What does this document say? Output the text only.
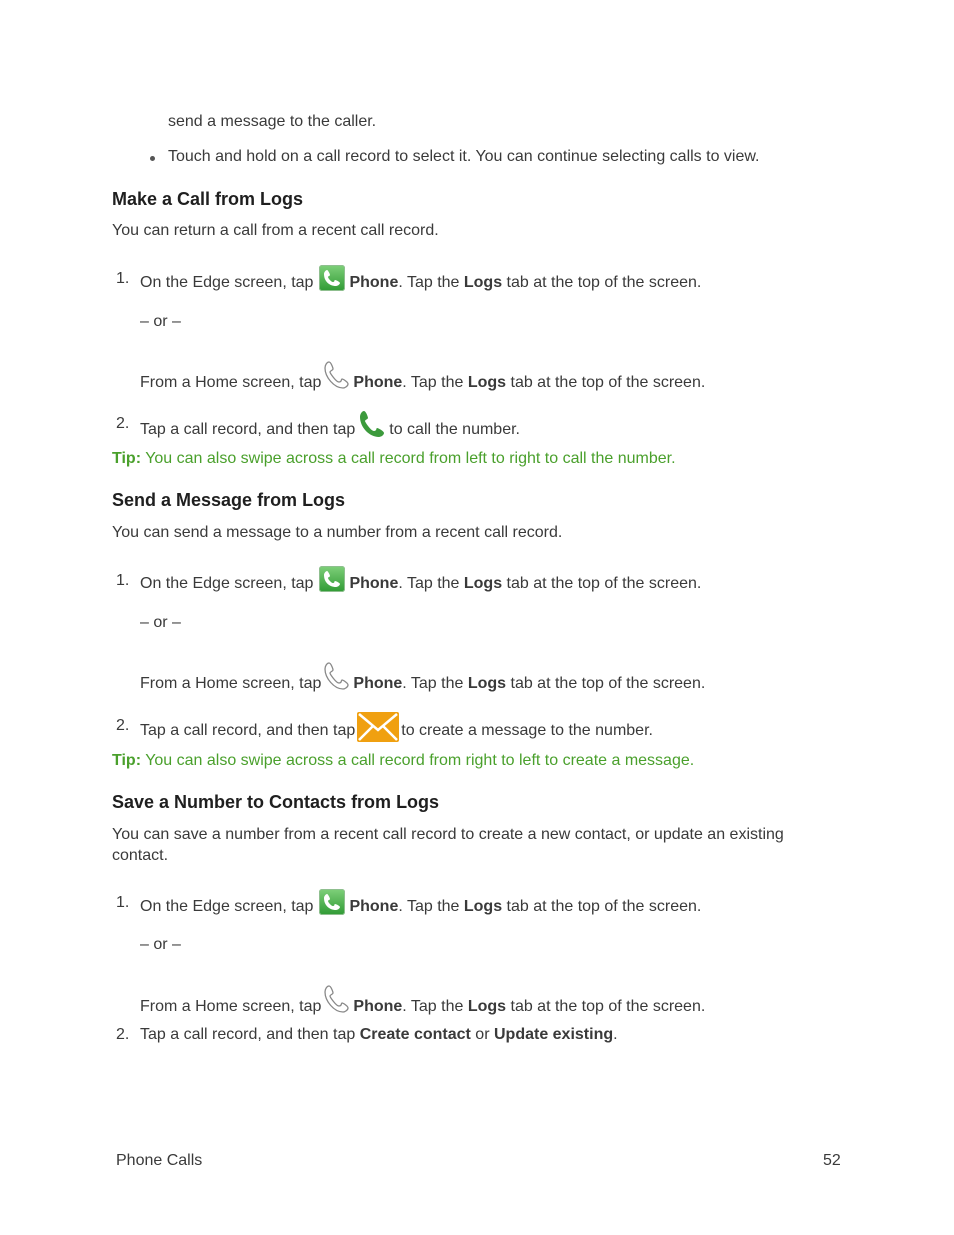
send a message to the caller.
Touch and hold on a call record to select it. You can continue selecting calls to view.
Make a Call from Logs
You can return a call from a recent call record.
1. On the Edge screen, tap Phone. Tap the Logs tab at the top of the screen.
– or –
From a Home screen, tap Phone. Tap the Logs tab at the top of the screen.
2. Tap a call record, and then tap to call the number.
Tip: You can also swipe across a call record from left to right to call the number.
Send a Message from Logs
You can send a message to a number from a recent call record.
1. On the Edge screen, tap Phone. Tap the Logs tab at the top of the screen.
– or –
From a Home screen, tap Phone. Tap the Logs tab at the top of the screen.
2. Tap a call record, and then tap	to create a message to the number.
Tip: You can also swipe across a call record from right to left to create a message.
Save a Number to Contacts from Logs
You can save a number from a recent call record to create a new contact, or update an existing contact.
1. On the Edge screen, tap Phone. Tap the Logs tab at the top of the screen.
– or –
From a Home screen, tap Phone. Tap the Logs tab at the top of the screen.
2. Tap a call record, and then tap Create contact or Update existing.
Phone Calls	52
